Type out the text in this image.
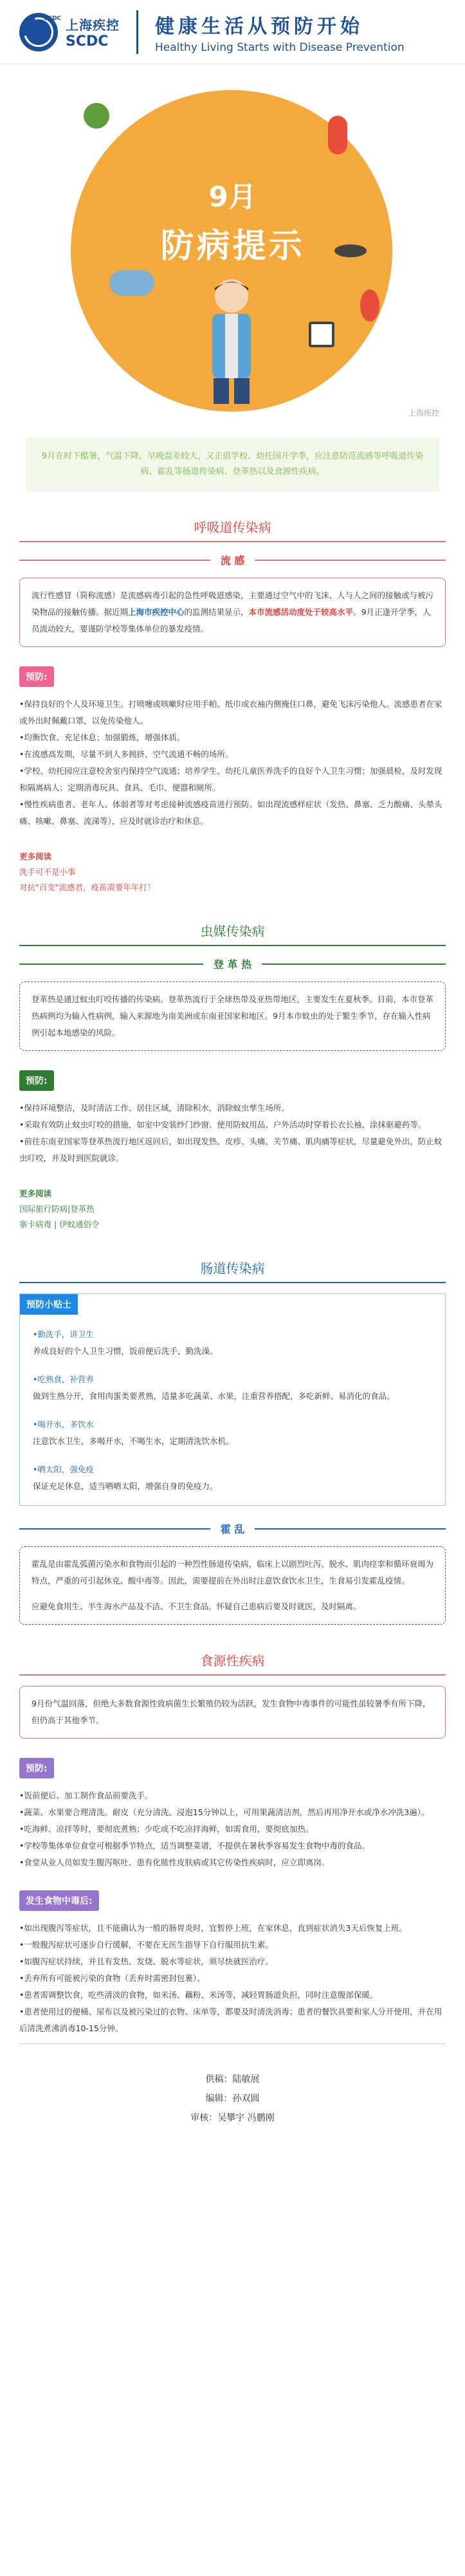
SCDC 上海疾控
SCDC
健康生活从预防开始
Healthy Living Starts with Disease Prevention
9月
防病提示
上海疾控
9月在时下酷暑，气温下降，早晚温差较大，又正值学校、幼托园开学季，应注意防范流感等呼吸道传染病、霍乱等肠道传染病、登革热以及食源性疾病。
呼吸道传染病
流 感
流行性感冒（简称流感）是流感病毒引起的急性呼吸道感染，主要通过空气中的飞沫、人与人之间的接触或与被污染物品的接触传播。据近期上海市疾控中心的监测结果显示，本市流感活动度处于较高水平。9月正逢开学季，人员流动较大，要谨防学校等集体单位的暴发疫情。
预防:
•保持良好的个人及环境卫生。打喷嚏或咳嗽时应用手帕、纸巾或衣袖内侧掩住口鼻，避免飞沫污染他人。流感患者在家或外出时佩戴口罩，以免传染他人。
•均衡饮食、充足休息；加强锻炼，增强体质。
•在流感高发期，尽量不到人多拥挤、空气流通不畅的场所。
•学校、幼托园应注意校舍室内保持空气流通；培养学生、幼托儿童医养洗手的良好个人卫生习惯；加强晨检，及时发现和隔离病人；定期消毒玩具、食具、毛巾、便器和厕所。
•慢性疾病患者、老年人、体弱者等对考虑接种流感疫苗进行预防。如出现流感样症状（发热、鼻塞、乏力酸痛、头晕头痛、咳嗽、鼻塞、流涕等），应及时就诊治疗和休息。
更多阅读
洗手可不是小事
对抗"百变"流感君，疫苗需要年年打！
虫媒传染病
登 革 热
登革热是通过蚊虫叮咬传播的传染病。登革热流行于全球热带及亚热带地区，主要发生在夏秋季。目前，本市登革热病例均为输入性病例，输入来源地为南美洲或东南亚国家和地区。9月本市蚊虫的处于繁生季节，存在输入性病例引起本地感染的风险。
预防:
•保持环境整洁，及时清洁工作、居住区域，清除积水，消除蚊虫孳生场所。
•采取有效防止蚊虫叮咬的措施，如室中安装纱门纱窗、使用防蚊用品、户外活动时穿着长衣长袖、涂抹驱避药等。
•前往东南亚国家等登革热流行地区返回后，如出现发热、皮疹、头痛、关节痛、肌肉痛等症状，尽量避免外出，防止蚊虫叮咬，并及时到医院就诊。
更多阅读
国际旅行防病|登革热
寨卡病毒 | 伊蚊通俗令
肠道传染病
预防小贴士
•勤洗手，讲卫生
养成良好的个人卫生习惯，饭前便后洗手，勤洗澡。
•吃熟食，补营养
做到生熟分开，食用肉蛋类要煮熟，适量多吃蔬菜、水果，注重营养搭配，多吃新鲜、易消化的食品。
•喝开水，多饮水
注意饮水卫生，多喝开水，不喝生水，定期清洗饮水机。
•晒太阳，强免疫
保证充足休息，适当晒晒太阳，增强自身的免疫力。
霍 乱
霍乱是由霍乱弧菌污染水和食物而引起的一种烈性肠道传染病，临床上以剧烈吐泻、脱水、肌肉痉挛和循环衰竭为特点，严重的可引起休克、酸中毒等。因此，需要提前在外出时注意饮食饮水卫生，生食易引发霍乱疫情。
应避免食用生、半生海水产品及不洁、不卫生食品。怀疑自己患病后要及时就医，及时隔离。
食源性疾病
9月份气温回落，但绝大多数食源性致病菌生长繁殖仍较为活跃，发生食物中毒事件的可能性虽较暑季有所下降，但仍高于其他季节。
预防:
•饭前便后、加工制作食品前要洗手。
•蔬菜、水果要合理清洗。耐皮（充分清洗、浸泡15分钟以上，可用果蔬清洁剂，然后再用净开水或净水冲洗3遍）。
•吃海鲜、凉拌等时，要彻底煮熟；少吃或不吃凉拌海鲜，如需食用，要彻底加热。
•学校等集体单位食堂可根据季节特点，适当调整菜谱，不提供在暑秋季容易发生食物中毒的食品。
•食堂从业人员如发生腹泻呕吐、患有化脓性皮肤病或其它传染性疾病时，应立即离岗。
发生食物中毒后:
•如出现腹泻等症状，且不能确认为一般的肠胃炎时，宜暂停上班，在家休息，直到症状消失3天后恢复上班。
•一般腹泻症状可逐步自行缓解，不要在无医生指导下自行服用抗生素。
•如腹泻症状持续，并且有发热、发烧、脱水等症状，须尽快就医治疗。
•丢弃所有可能被污染的食物（丢弃时需密封包裹）。
•患者需调整饮食，吃些清淡的食物，如米汤、藕粉、米汤等，减轻胃肠道负担，同时注意腹部保暖。
•患者使用过的便桶、尿布以及被污染过的衣物、床单等，都要及时清洗消毒；患者的餐饮具要和家人分开使用，并在用后清洗煮沸消毒10-15分钟。
供稿：陆敏展
编辑：孙双圆
审核：吴攀宇 冯鹏刚
